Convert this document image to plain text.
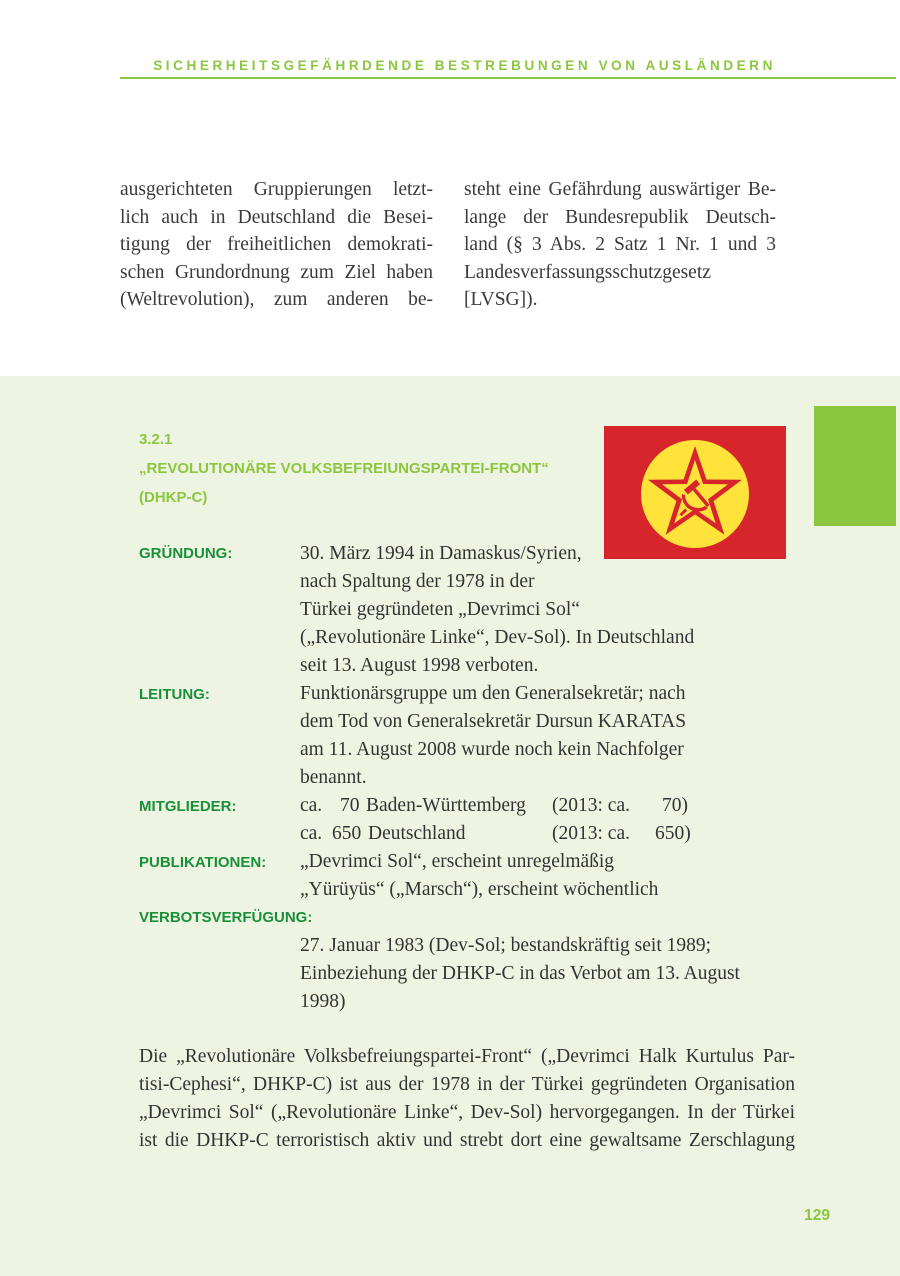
SICHERHEITSGEFÄHRDENDE BESTREBUNGEN VON AUSLÄNDERN
ausgerichteten Gruppierungen letzt-
lich auch in Deutschland die Besei-
tigung der freiheitlichen demokrati-
schen Grundordnung zum Ziel haben
(Weltrevolution), zum anderen be-
steht eine Gefährdung auswärtiger Be-
lange der Bundesrepublik Deutsch-
land (§ 3 Abs. 2 Satz 1 Nr. 1 und 3
Landesverfassungsschutzgesetz
[LVSG]).
3.2.1
„REVOLUTIONÄRE VOLKSBEFREIUNGSPARTEI-FRONT“
(DHKP-C)
GRÜNDUNG:	30. März 1994 in Damaskus/Syrien,
nach Spaltung der 1978 in der
Türkei gegründeten „Devrimci Sol“
(„Revolutionäre Linke“, Dev-Sol). In Deutschland
seit 13. August 1998 verboten.
LEITUNG:	Funktionärsgruppe um den Generalsekretär; nach
dem Tod von Generalsekretär Dursun KARATAS
am 11. August 2008 wurde noch kein Nachfolger
benannt.
MITGLIEDER:	ca. 70 Baden-Württemberg (2013: ca. 70)
ca. 650 Deutschland	(2013: ca. 650)
PUBLIKATIONEN: „Devrimci Sol“, erscheint unregelmäßig
„Yürüyüs“ („Marsch“), erscheint wöchentlich
VERBOTSVERFÜGUNG:
27. Januar 1983 (Dev-Sol; bestandskräftig seit 1989;
Einbeziehung der DHKP-C in das Verbot am 13. August
1998)
Die „Revolutionäre Volksbefreiungspartei-Front“ („Devrimci Halk Kurtulus Par-
tisi-Cephesi“, DHKP-C) ist aus der 1978 in der Türkei gegründeten Organisation
„Devrimci Sol“ („Revolutionäre Linke“, Dev-Sol) hervorgegangen. In der Türkei
ist die DHKP-C terroristisch aktiv und strebt dort eine gewaltsame Zerschlagung
129
